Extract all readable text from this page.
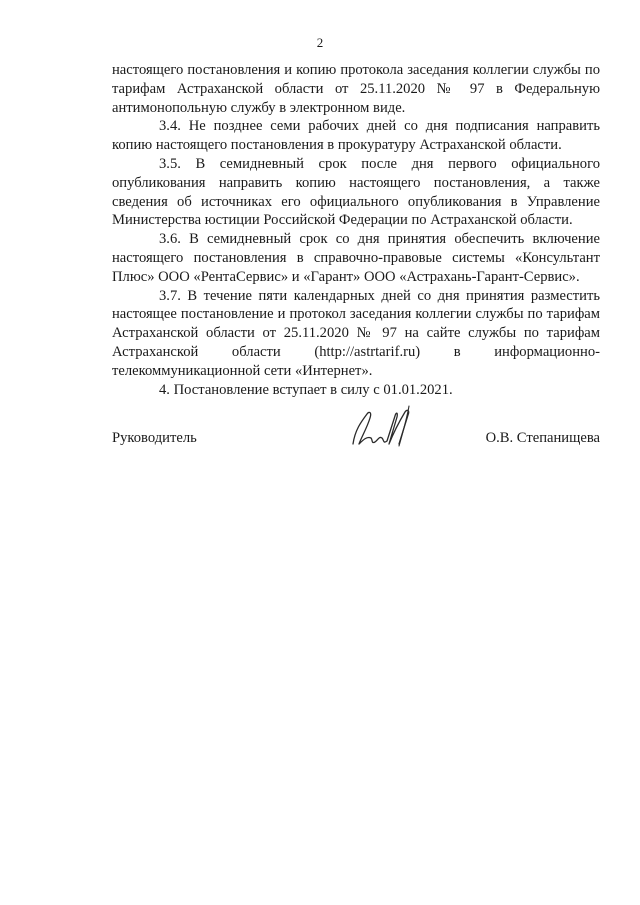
2

настоящего постановления и копию протокола заседания коллегии службы по тарифам Астраханской области от 25.11.2020 № 97 в Федеральную антимонопольную службу в электронном виде.

3.4. Не позднее семи рабочих дней со дня подписания направить копию настоящего постановления в прокуратуру Астраханской области.

3.5. В семидневный срок после дня первого официального опубликования направить копию настоящего постановления, а также сведения об источниках его официального опубликования в Управление Министерства юстиции Российской Федерации по Астраханской области.

3.6. В семидневный срок со дня принятия обеспечить включение настоящего постановления в справочно-правовые системы «Консультант Плюс» ООО «РентаСервис» и «Гарант» ООО «Астрахань-Гарант-Сервис».

3.7. В течение пяти календарных дней со дня принятия разместить настоящее постановление и протокол заседания коллегии службы по тарифам Астраханской области от 25.11.2020 № 97 на сайте службы по тарифам Астраханской области (http://astrtarif.ru) в информационно-телекоммуникационной сети «Интернет».

4. Постановление вступает в силу с 01.01.2021.

Руководитель	О.В. Степанищева
